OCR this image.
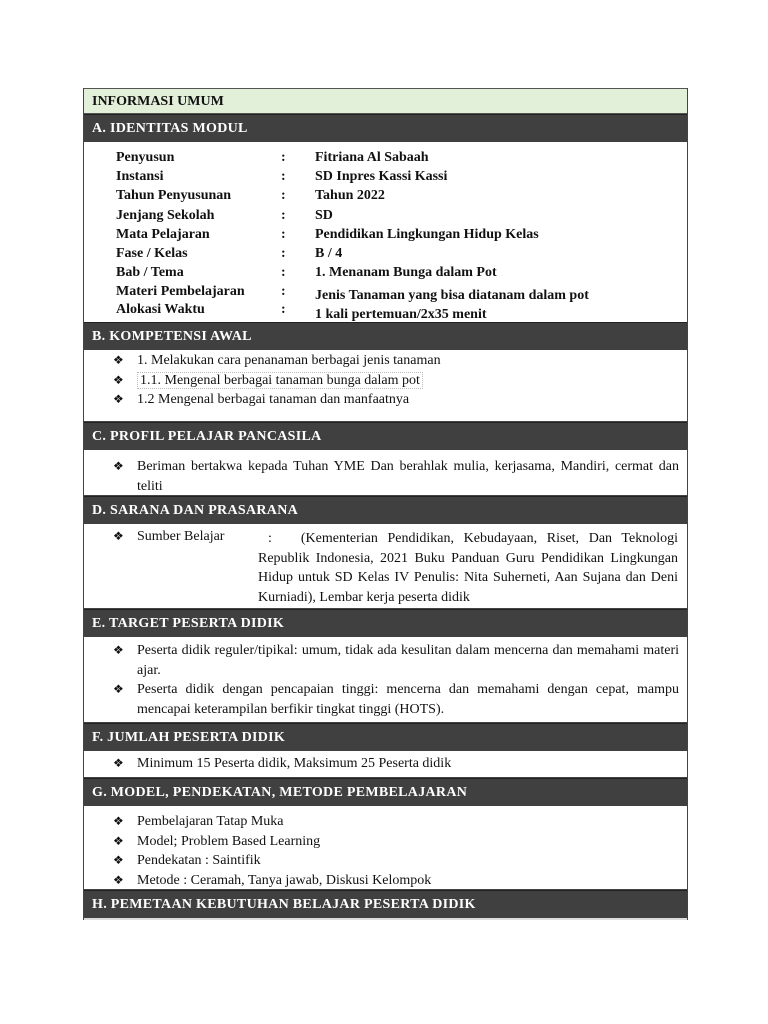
INFORMASI UMUM
A. IDENTITAS MODUL
Penyusun	: Fitriana Al Sabaah
Instansi	: SD Inpres Kassi Kassi
Tahun Penyusunan	: Tahun 2022
Jenjang Sekolah	: SD
Mata Pelajaran	: Pendidikan Lingkungan Hidup Kelas
Fase / Kelas	: B / 4
Bab / Tema	: 1. Menanam Bunga dalam Pot
Materi Pembelajaran	: Jenis Tanaman yang bisa diatanam dalam pot
Alokasi Waktu	: 1 kali pertemuan/2x35 menit
B. KOMPETENSI AWAL
❖ 1. Melakukan cara penanaman berbagai jenis tanaman
❖ 1.1. Mengenal berbagai tanaman bunga dalam pot
❖ 1.2 Mengenal berbagai tanaman dan manfaatnya
C. PROFIL PELAJAR PANCASILA
❖ Beriman bertakwa kepada Tuhan YME Dan berahlak mulia, kerjasama, Mandiri, cermat dan teliti
D. SARANA DAN PRASARANA
❖ Sumber Belajar	: (Kementerian Pendidikan, Kebudayaan, Riset, Dan Teknologi Republik Indonesia, 2021 Buku Panduan Guru Pendidikan Lingkungan Hidup untuk SD Kelas IV Penulis: Nita Suherneti, Aan Sujana dan Deni Kurniadi), Lembar kerja peserta didik
E. TARGET PESERTA DIDIK
❖ Peserta didik reguler/tipikal: umum, tidak ada kesulitan dalam mencerna dan memahami materi ajar.
❖ Peserta didik dengan pencapaian tinggi: mencerna dan memahami dengan cepat, mampu mencapai keterampilan berfikir tingkat tinggi (HOTS).
F. JUMLAH PESERTA DIDIK
❖ Minimum 15 Peserta didik, Maksimum 25 Peserta didik
G. MODEL, PENDEKATAN, METODE PEMBELAJARAN
❖ Pembelajaran Tatap Muka
❖ Model; Problem Based Learning
❖ Pendekatan : Saintifik
❖ Metode : Ceramah, Tanya jawab, Diskusi Kelompok
H. PEMETAAN KEBUTUHAN BELAJAR PESERTA DIDIK
